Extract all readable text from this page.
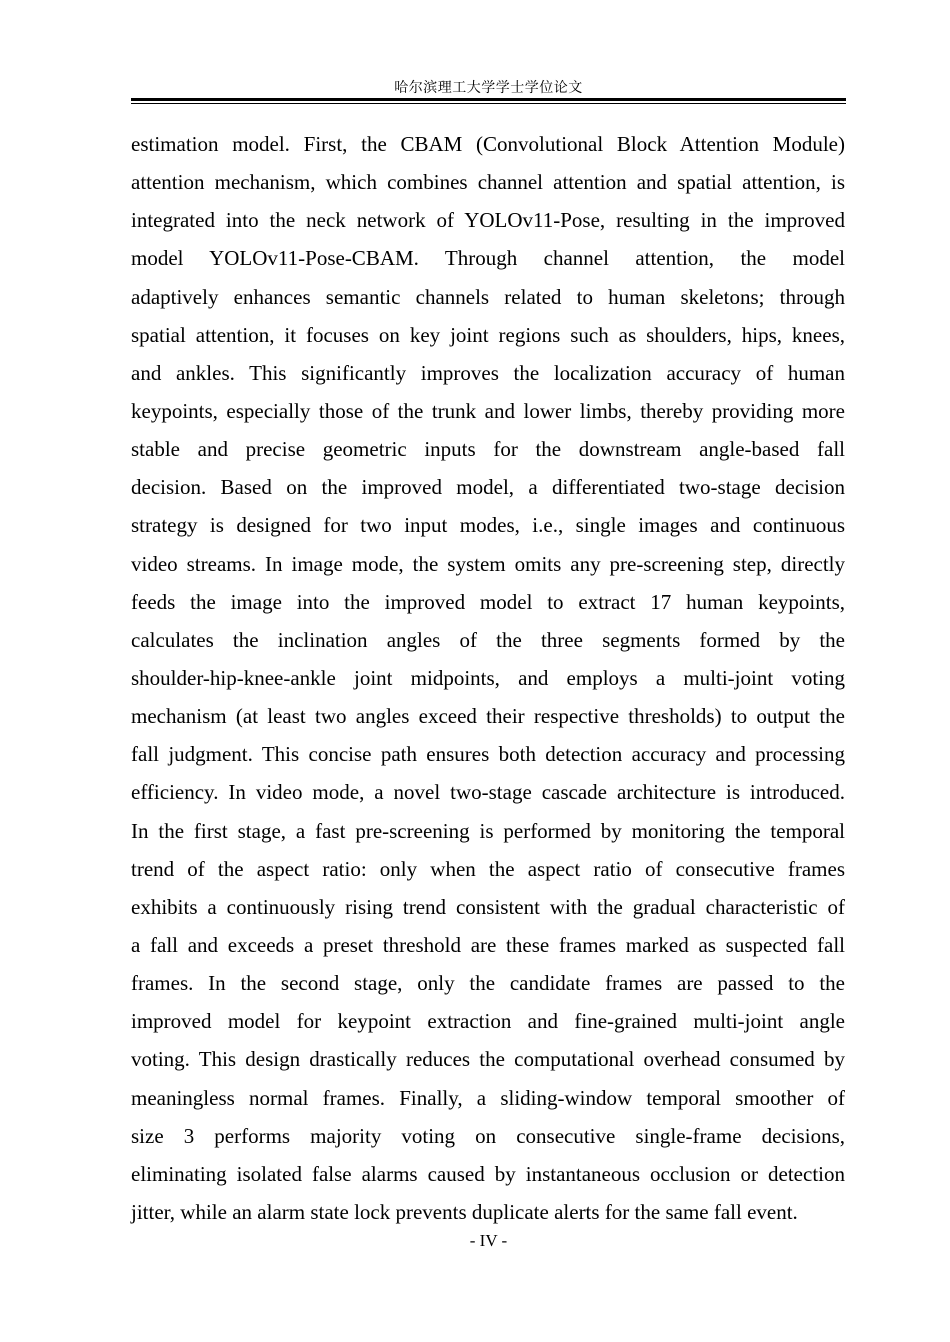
哈尔滨理工大学学士学位论文
estimation model. First, the CBAM (Convolutional Block Attention Module)
attention mechanism, which combines channel attention and spatial attention, is
integrated into the neck network of YOLOv11-Pose, resulting in the improved
model YOLOv11-Pose-CBAM. Through channel attention, the model
adaptively enhances semantic channels related to human skeletons; through
spatial attention, it focuses on key joint regions such as shoulders, hips, knees,
and ankles. This significantly improves the localization accuracy of human
keypoints, especially those of the trunk and lower limbs, thereby providing more
stable and precise geometric inputs for the downstream angle-based fall
decision. Based on the improved model, a differentiated two-stage decision
strategy is designed for two input modes, i.e., single images and continuous
video streams. In image mode, the system omits any pre-screening step, directly
feeds the image into the improved model to extract 17 human keypoints,
calculates the inclination angles of the three segments formed by the
shoulder-hip-knee-ankle joint midpoints, and employs a multi-joint voting
mechanism (at least two angles exceed their respective thresholds) to output the
fall judgment. This concise path ensures both detection accuracy and processing
efficiency. In video mode, a novel two-stage cascade architecture is introduced.
In the first stage, a fast pre-screening is performed by monitoring the temporal
trend of the aspect ratio: only when the aspect ratio of consecutive frames
exhibits a continuously rising trend consistent with the gradual characteristic of
a fall and exceeds a preset threshold are these frames marked as suspected fall
frames. In the second stage, only the candidate frames are passed to the
improved model for keypoint extraction and fine-grained multi-joint angle
voting. This design drastically reduces the computational overhead consumed by
meaningless normal frames. Finally, a sliding-window temporal smoother of
size 3 performs majority voting on consecutive single-frame decisions,
eliminating isolated false alarms caused by instantaneous occlusion or detection
jitter, while an alarm state lock prevents duplicate alerts for the same fall event.
- IV -
